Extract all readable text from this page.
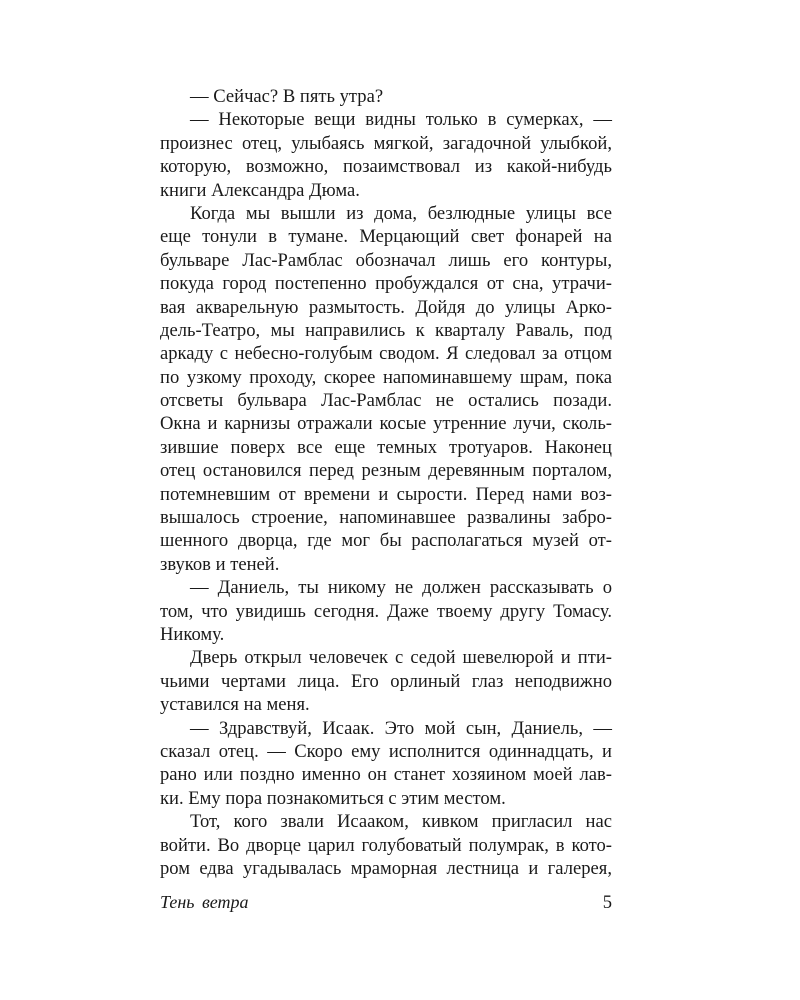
— Сейчас? В пять утра?
— Некоторые вещи видны только в сумерках, —
произнес отец, улыбаясь мягкой, загадочной улыбкой,
которую, возможно, позаимствовал из какой-нибудь
книги Александра Дюма.
Когда мы вышли из дома, безлюдные улицы все
еще тонули в тумане. Мерцающий свет фонарей на
бульваре Лас-Рамблас обозначал лишь его контуры,
покуда город постепенно пробуждался от сна, утрачи-
вая акварельную размытость. Дойдя до улицы Арко-
дель-Театро, мы направились к кварталу Раваль, под
аркаду с небесно-голубым сводом. Я следовал за отцом
по узкому проходу, скорее напоминавшему шрам, пока
отсветы бульвара Лас-Рамблас не остались позади.
Окна и карнизы отражали косые утренние лучи, сколь-
зившие поверх все еще темных тротуаров. Наконец
отец остановился перед резным деревянным порталом,
потемневшим от времени и сырости. Перед нами воз-
вышалось строение, напоминавшее развалины забро-
шенного дворца, где мог бы располагаться музей от-
звуков и теней.
— Даниель, ты никому не должен рассказывать о
том, что увидишь сегодня. Даже твоему другу Томасу.
Никому.
Дверь открыл человечек с седой шевелюрой и пти-
чьими чертами лица. Его орлиный глаз неподвижно
уставился на меня.
— Здравствуй, Исаак. Это мой сын, Даниель, —
сказал отец. — Скоро ему исполнится одиннадцать, и
рано или поздно именно он станет хозяином моей лав-
ки. Ему пора познакомиться с этим местом.
Тот, кого звали Исааком, кивком пригласил нас
войти. Во дворце царил голубоватый полумрак, в кото-
ром едва угадывалась мраморная лестница и галерея,
Тень ветра	5
